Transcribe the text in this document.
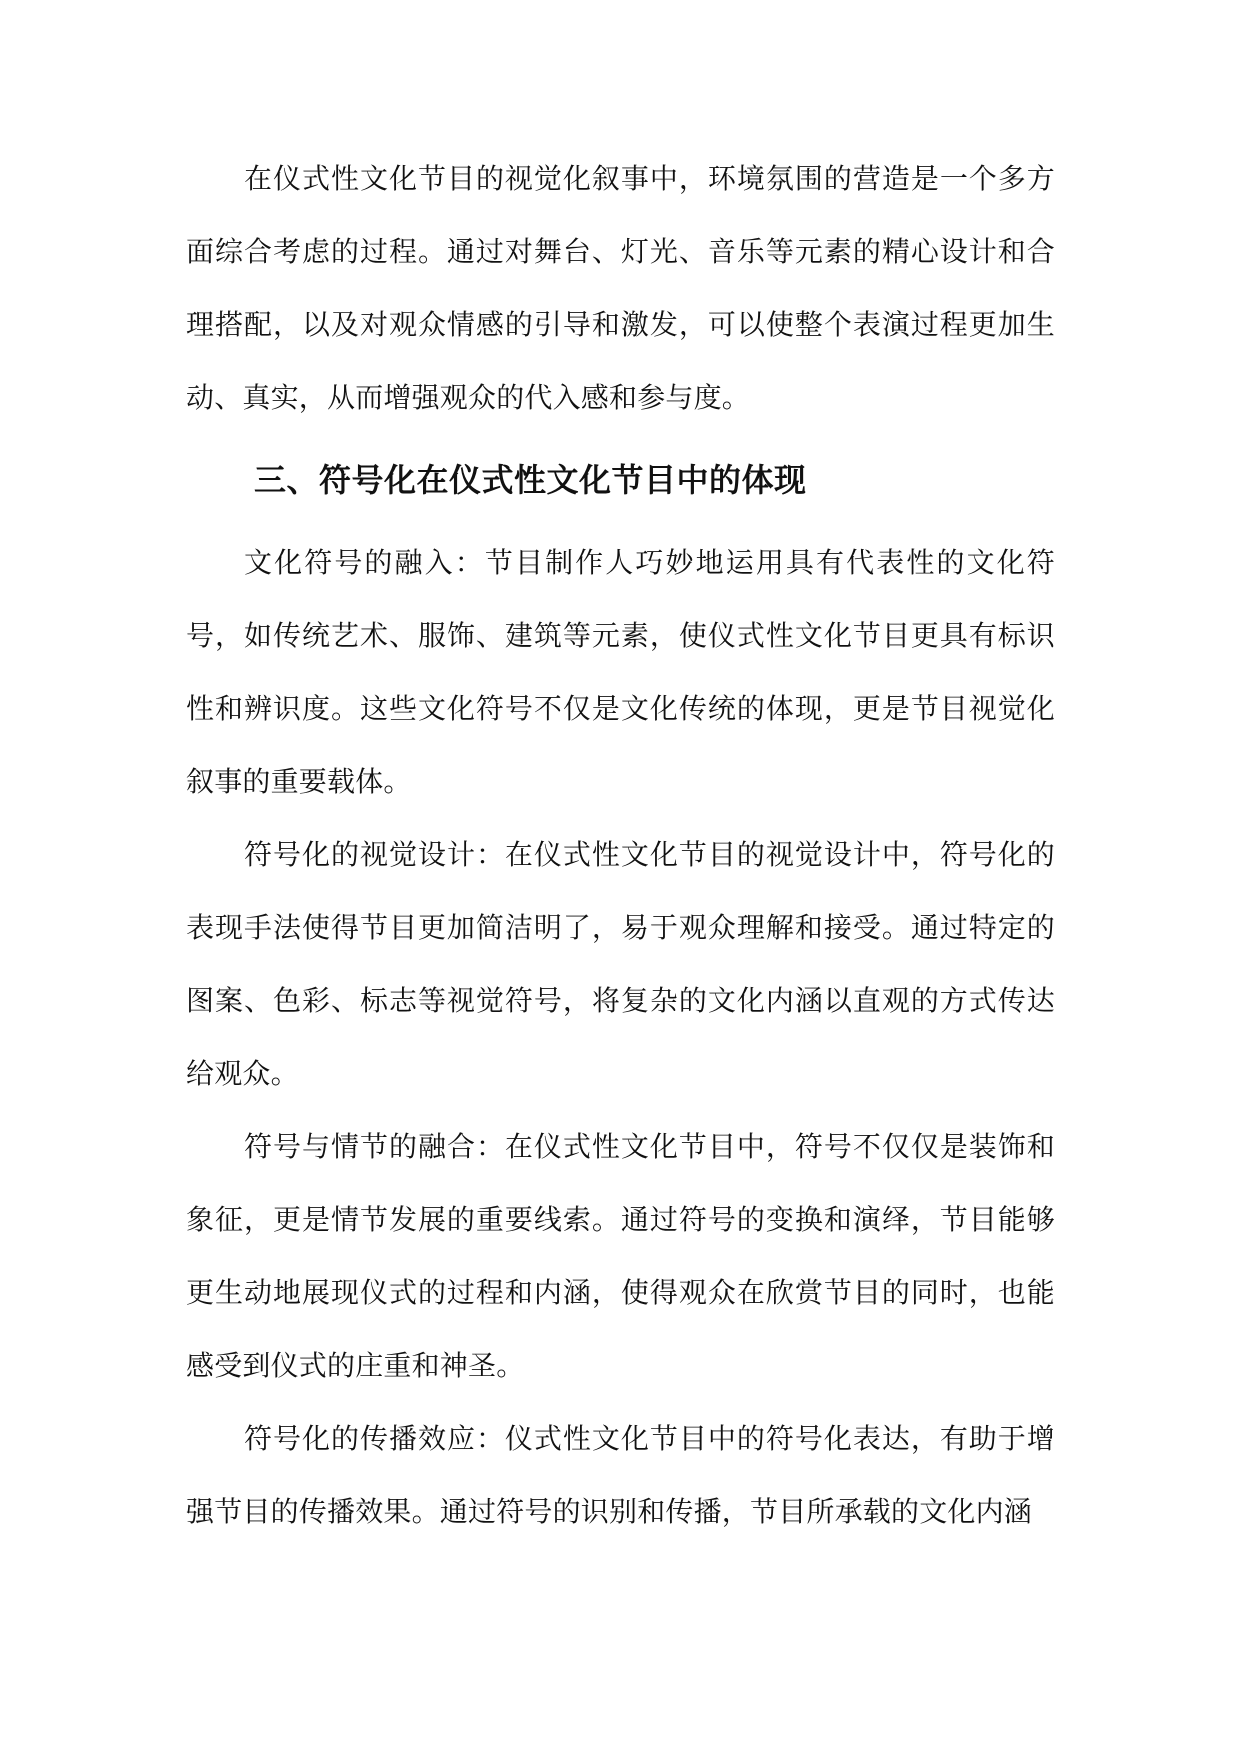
在仪式性文化节目的视觉化叙事中，环境氛围的营造是一个多方面综合考虑的过程。通过对舞台、灯光、音乐等元素的精心设计和合理搭配，以及对观众情感的引导和激发，可以使整个表演过程更加生动、真实，从而增强观众的代入感和参与度。

三、符号化在仪式性文化节目中的体现

文化符号的融入：节目制作人巧妙地运用具有代表性的文化符号，如传统艺术、服饰、建筑等元素，使仪式性文化节目更具有标识性和辨识度。这些文化符号不仅是文化传统的体现，更是节目视觉化叙事的重要载体。

符号化的视觉设计：在仪式性文化节目的视觉设计中，符号化的表现手法使得节目更加简洁明了，易于观众理解和接受。通过特定的图案、色彩、标志等视觉符号，将复杂的文化内涵以直观的方式传达给观众。

符号与情节的融合：在仪式性文化节目中，符号不仅仅是装饰和象征，更是情节发展的重要线索。通过符号的变换和演绎，节目能够更生动地展现仪式的过程和内涵，使得观众在欣赏节目的同时，也能感受到仪式的庄重和神圣。

符号化的传播效应：仪式性文化节目中的符号化表达，有助于增强节目的传播效果。通过符号的识别和传播，节目所承载的文化内涵
